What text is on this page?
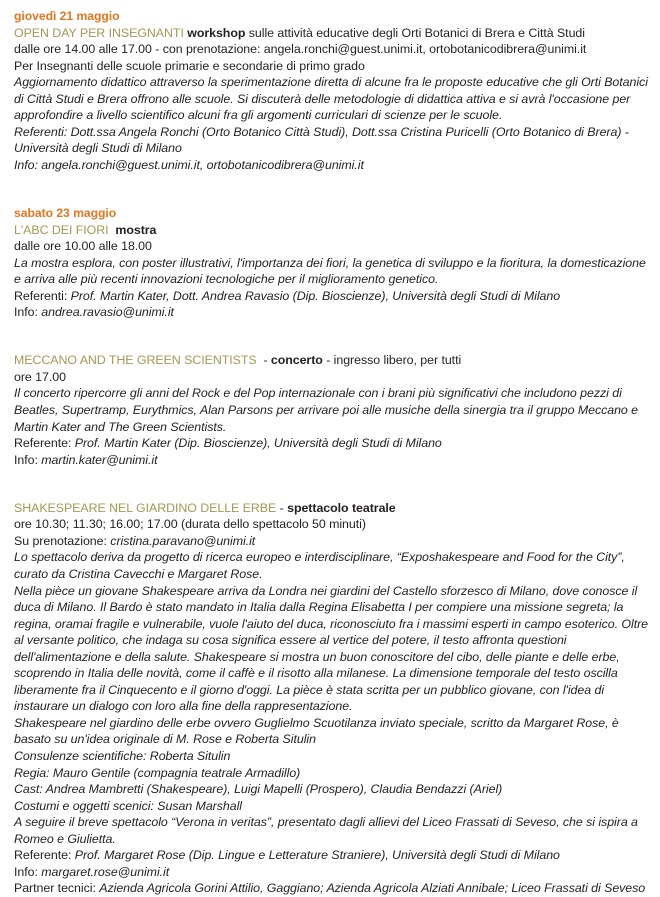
giovedì 21 maggio
OPEN DAY PER INSEGNANTI workshop sulle attività educative degli Orti Botanici di Brera e Città Studi
dalle ore 14.00 alle 17.00 - con prenotazione: angela.ronchi@guest.unimi.it, ortobotanicodibrera@unimi.it
Per Insegnanti delle scuole primarie e secondarie di primo grado
Aggiornamento didattico attraverso la sperimentazione diretta di alcune fra le proposte educative che gli Orti Botanici di Città Studi e Brera offrono alle scuole. Si discuterà delle metodologie di didattica attiva e si avrà l'occasione per approfondire a livello scientifico alcuni fra gli argomenti curriculari di scienze per le scuole.
Referenti: Dott.ssa Angela Ronchi (Orto Botanico Città Studi), Dott.ssa Cristina Puricelli (Orto Botanico di Brera) - Università degli Studi di Milano
Info: angela.ronchi@guest.unimi.it, ortobotanicodibrera@unimi.it
sabato 23 maggio
L'ABC DEI FIORI mostra
dalle ore 10.00 alle 18.00
La mostra esplora, con poster illustrativi, l'importanza dei fiori, la genetica di sviluppo e la fioritura, la domesticazione e arriva alle più recenti innovazioni tecnologiche per il miglioramento genetico.
Referenti: Prof. Martin Kater, Dott. Andrea Ravasio (Dip. Bioscienze), Università degli Studi di Milano
Info: andrea.ravasio@unimi.it
MECCANO AND THE GREEN SCIENTISTS - concerto - ingresso libero, per tutti
ore 17.00
Il concerto ripercorre gli anni del Rock e del Pop internazionale con i brani più significativi che includono pezzi di Beatles, Supertramp, Eurythmics, Alan Parsons per arrivare poi alle musiche della sinergia tra il gruppo Meccano e Martin Kater and The Green Scientists.
Referente: Prof. Martin Kater (Dip. Bioscienze), Università degli Studi di Milano
Info: martin.kater@unimi.it
SHAKESPEARE NEL GIARDINO DELLE ERBE - spettacolo teatrale
ore 10.30; 11.30; 16.00; 17.00 (durata dello spettacolo 50 minuti)
Su prenotazione: cristina.paravano@unimi.it
Lo spettacolo deriva da progetto di ricerca europeo e interdisciplinare, “Exposhakespeare and Food for the City”, curato da Cristina Cavecchi e Margaret Rose.
Nella pièce un giovane Shakespeare arriva da Londra nei giardini del Castello sforzesco di Milano, dove conosce il duca di Milano. Il Bardo è stato mandato in Italia dalla Regina Elisabetta I per compiere una missione segreta; la regina, oramai fragile e vulnerabile, vuole l'aiuto del duca, riconosciuto fra i massimi esperti in campo esoterico. Oltre al versante politico, che indaga su cosa significa essere al vertice del potere, il testo affronta questioni dell'alimentazione e della salute. Shakespeare si mostra un buon conoscitore del cibo, delle piante e delle erbe, scoprendo in Italia delle novità, come il caffè e il risotto alla milanese. La dimensione temporale del testo oscilla liberamente fra il Cinquecento e il giorno d'oggi. La pièce è stata scritta per un pubblico giovane, con l'idea di instaurare un dialogo con loro alla fine della rappresentazione.
Shakespeare nel giardino delle erbe ovvero Guglielmo Scuotilanza inviato speciale, scritto da Margaret Rose, è basato su un'idea originale di M. Rose e Roberta Situlin
Consulenze scientifiche: Roberta Situlin
Regia: Mauro Gentile (compagnia teatrale Armadillo)
Cast: Andrea Mambretti (Shakespeare), Luigi Mapelli (Prospero), Claudia Bendazzi (Ariel)
Costumi e oggetti scenici: Susan Marshall
A seguire il breve spettacolo “Verona in veritas”, presentato dagli allievi del Liceo Frassati di Seveso, che si ispira a Romeo e Giulietta.
Referente: Prof. Margaret Rose (Dip. Lingue e Letterature Straniere), Università degli Studi di Milano
Info: margaret.rose@unimi.it
Partner tecnici: Azienda Agricola Gorini Attilio, Gaggiano; Azienda Agricola Alziati Annibale; Liceo Frassati di Seveso
